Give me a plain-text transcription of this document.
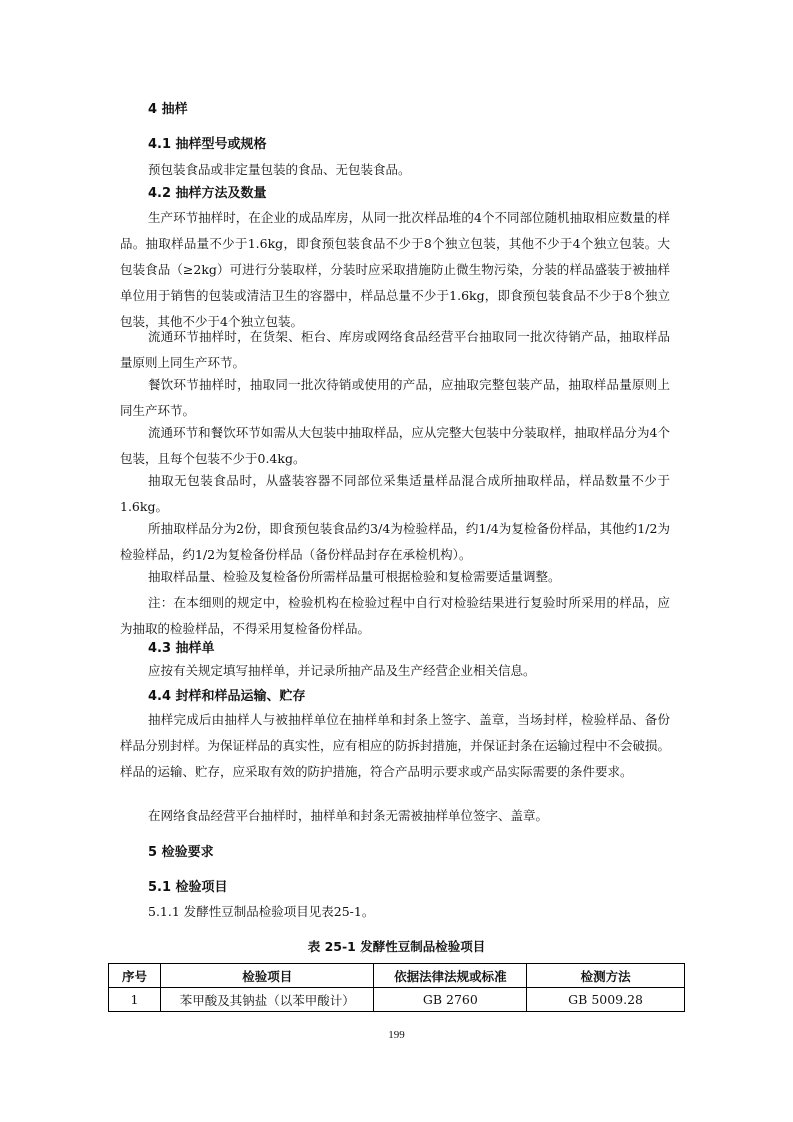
4 抽样
4.1 抽样型号或规格
预包装食品或非定量包装的食品、无包装食品。
4.2 抽样方法及数量
生产环节抽样时，在企业的成品库房，从同一批次样品堆的4个不同部位随机抽取相应数量的样品。抽取样品量不少于1.6kg，即食预包装食品不少于8个独立包装，其他不少于4个独立包装。大包装食品（≥2kg）可进行分装取样，分装时应采取措施防止微生物污染，分装的样品盛装于被抽样单位用于销售的包装或清洁卫生的容器中，样品总量不少于1.6kg，即食预包装食品不少于8个独立包装，其他不少于4个独立包装。
流通环节抽样时，在货架、柜台、库房或网络食品经营平台抽取同一批次待销产品，抽取样品量原则上同生产环节。
餐饮环节抽样时，抽取同一批次待销或使用的产品，应抽取完整包装产品，抽取样品量原则上同生产环节。
流通环节和餐饮环节如需从大包装中抽取样品，应从完整大包装中分装取样，抽取样品分为4个包装，且每个包装不少于0.4kg。
抽取无包装食品时，从盛装容器不同部位采集适量样品混合成所抽取样品，样品数量不少于1.6kg。
所抽取样品分为2份，即食预包装食品约3/4为检验样品，约1/4为复检备份样品，其他约1/2为检验样品，约1/2为复检备份样品（备份样品封存在承检机构）。
抽取样品量、检验及复检备份所需样品量可根据检验和复检需要适量调整。
注：在本细则的规定中，检验机构在检验过程中自行对检验结果进行复验时所采用的样品，应为抽取的检验样品，不得采用复检备份样品。
4.3 抽样单
应按有关规定填写抽样单，并记录所抽产品及生产经营企业相关信息。
4.4 封样和样品运输、贮存
抽样完成后由抽样人与被抽样单位在抽样单和封条上签字、盖章，当场封样，检验样品、备份样品分别封样。为保证样品的真实性，应有相应的防拆封措施，并保证封条在运输过程中不会破损。样品的运输、贮存，应采取有效的防护措施，符合产品明示要求或产品实际需要的条件要求。
在网络食品经营平台抽样时，抽样单和封条无需被抽样单位签字、盖章。
5 检验要求
5.1 检验项目
5.1.1 发酵性豆制品检验项目见表25-1。
表 25-1 发酵性豆制品检验项目
序号	检验项目	依据法律法规或标准	检测方法
1	苯甲酸及其钠盐（以苯甲酸计）	GB 2760	GB 5009.28
199
